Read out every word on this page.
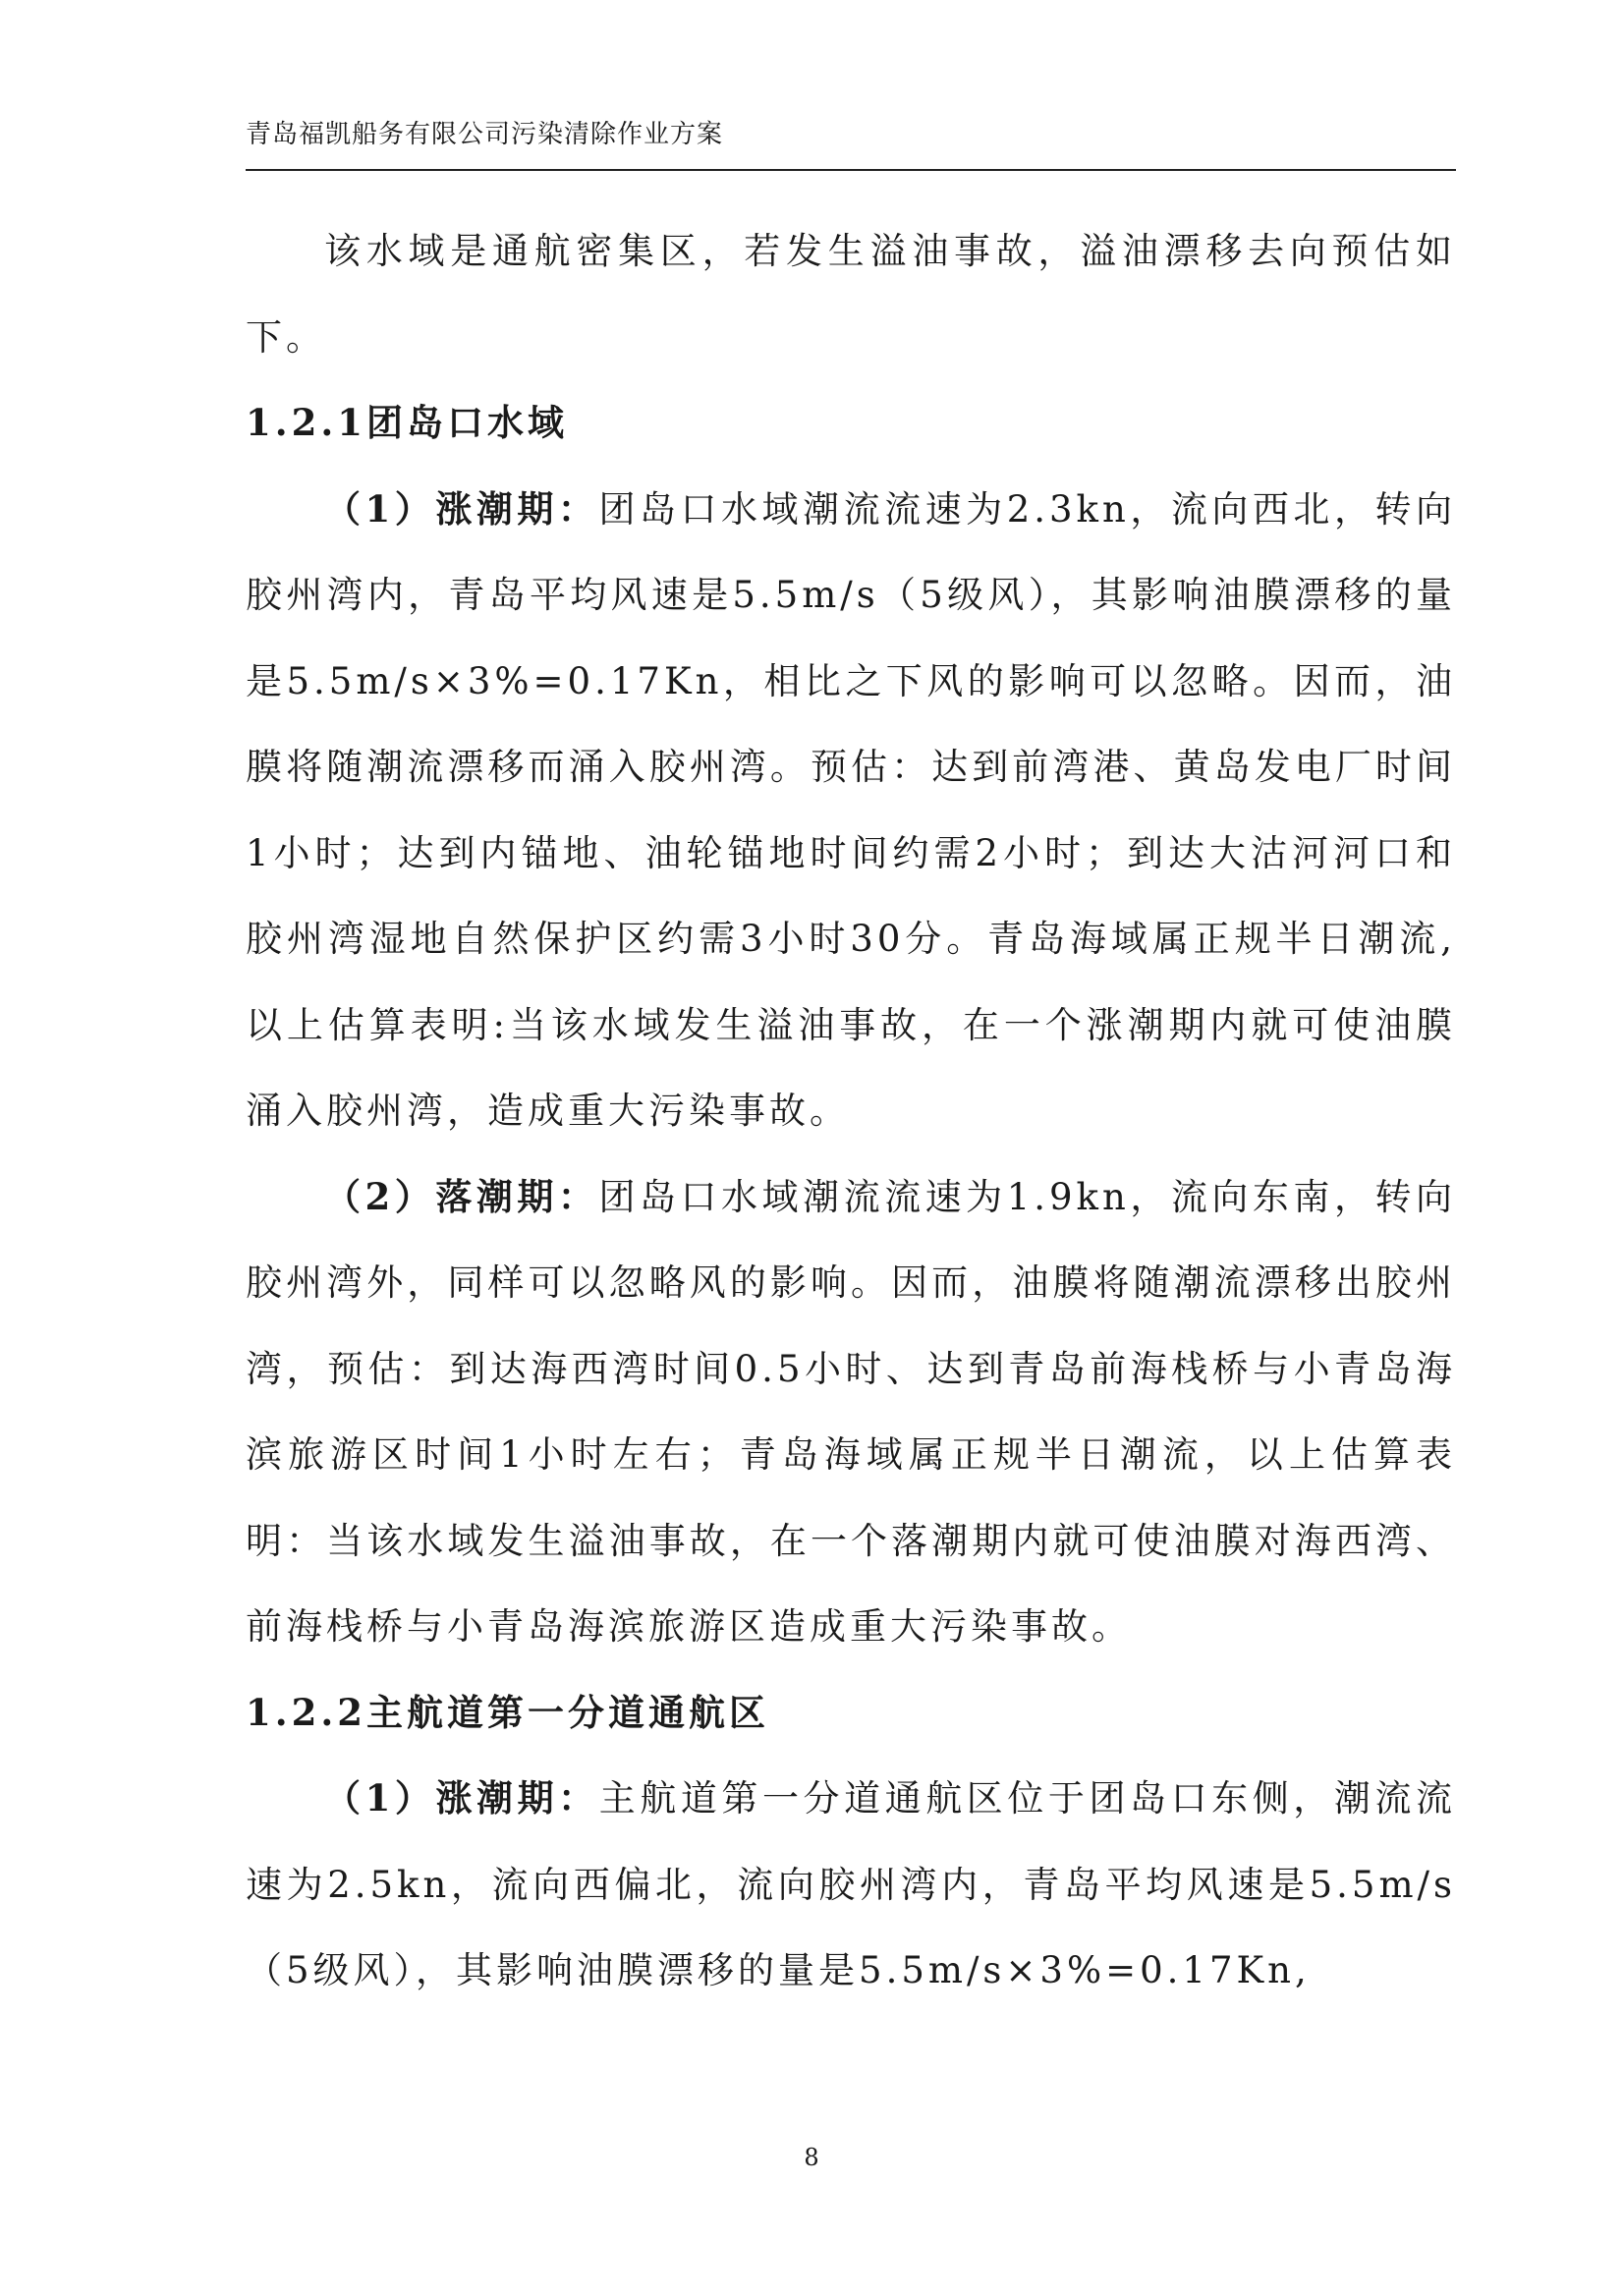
青岛福凯船务有限公司污染清除作业方案

该水域是通航密集区，若发生溢油事故，溢油漂移去向预估如下。

1.2.1团岛口水域

（1）涨潮期：团岛口水域潮流流速为2.3kn，流向西北，转向胶州湾内，青岛平均风速是5.5m/s（5级风），其影响油膜漂移的量是5.5m/s×3%=0.17Kn，相比之下风的影响可以忽略。因而，油膜将随潮流漂移而涌入胶州湾。预估：达到前湾港、黄岛发电厂时间1小时；达到内锚地、油轮锚地时间约需2小时；到达大沽河河口和胶州湾湿地自然保护区约需3小时30分。青岛海域属正规半日潮流,以上估算表明:当该水域发生溢油事故，在一个涨潮期内就可使油膜涌入胶州湾，造成重大污染事故。

（2）落潮期：团岛口水域潮流流速为1.9kn，流向东南，转向胶州湾外，同样可以忽略风的影响。因而，油膜将随潮流漂移出胶州湾，预估：到达海西湾时间0.5小时、达到青岛前海栈桥与小青岛海滨旅游区时间1小时左右；青岛海域属正规半日潮流，以上估算表明：当该水域发生溢油事故，在一个落潮期内就可使油膜对海西湾、前海栈桥与小青岛海滨旅游区造成重大污染事故。

1.2.2主航道第一分道通航区

（1）涨潮期：主航道第一分道通航区位于团岛口东侧，潮流流速为2.5kn，流向西偏北，流向胶州湾内，青岛平均风速是5.5m/s（5级风），其影响油膜漂移的量是5.5m/s×3%=0.17Kn,

8
